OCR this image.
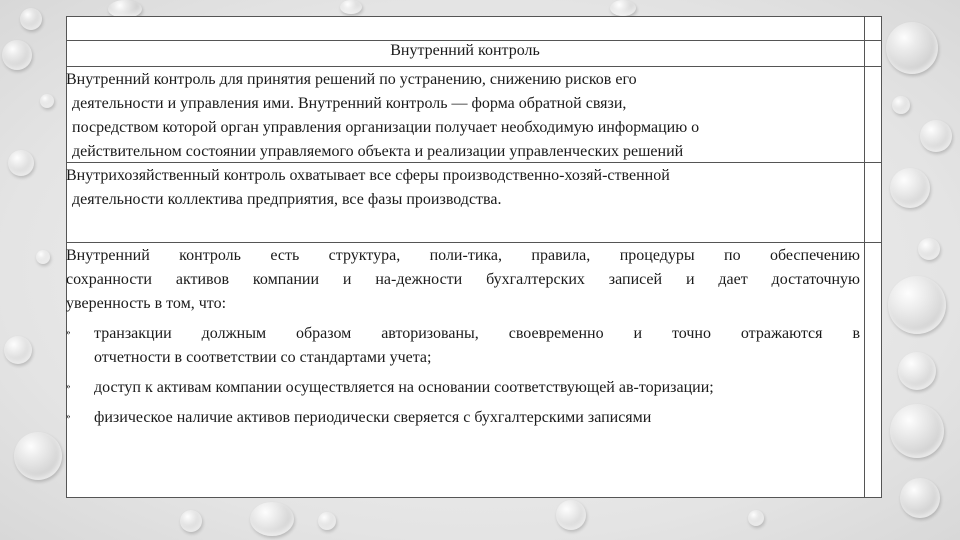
Внутренний контроль
Внутренний контроль для принятия решений по устранению, снижению рисков его
деятельности и управления ими. Внутренний контроль — форма обратной связи,
посредством которой орган управления организации получает необходимую информацию о
действительном состоянии управляемого объекта и реализации управленческих решений
Внутрихозяйственный контроль охватывает все сферы производственно-хозяй-ственной
деятельности коллектива предприятия, все фазы производства.
Внутренний контроль есть структура, поли-тика, правила, процедуры по обеспечению
сохранности активов компании и на-дежности бухгалтерских записей и дает достаточную
уверенность в том, что:
» транзакции должным образом авторизованы, своевременно и точно отражаются в
отчетности в соответствии со стандартами учета;
» доступ к активам компании осуществляется на основании соответствующей ав-торизации;
» физическое наличие активов периодически сверяется с бухгалтерскими записями
